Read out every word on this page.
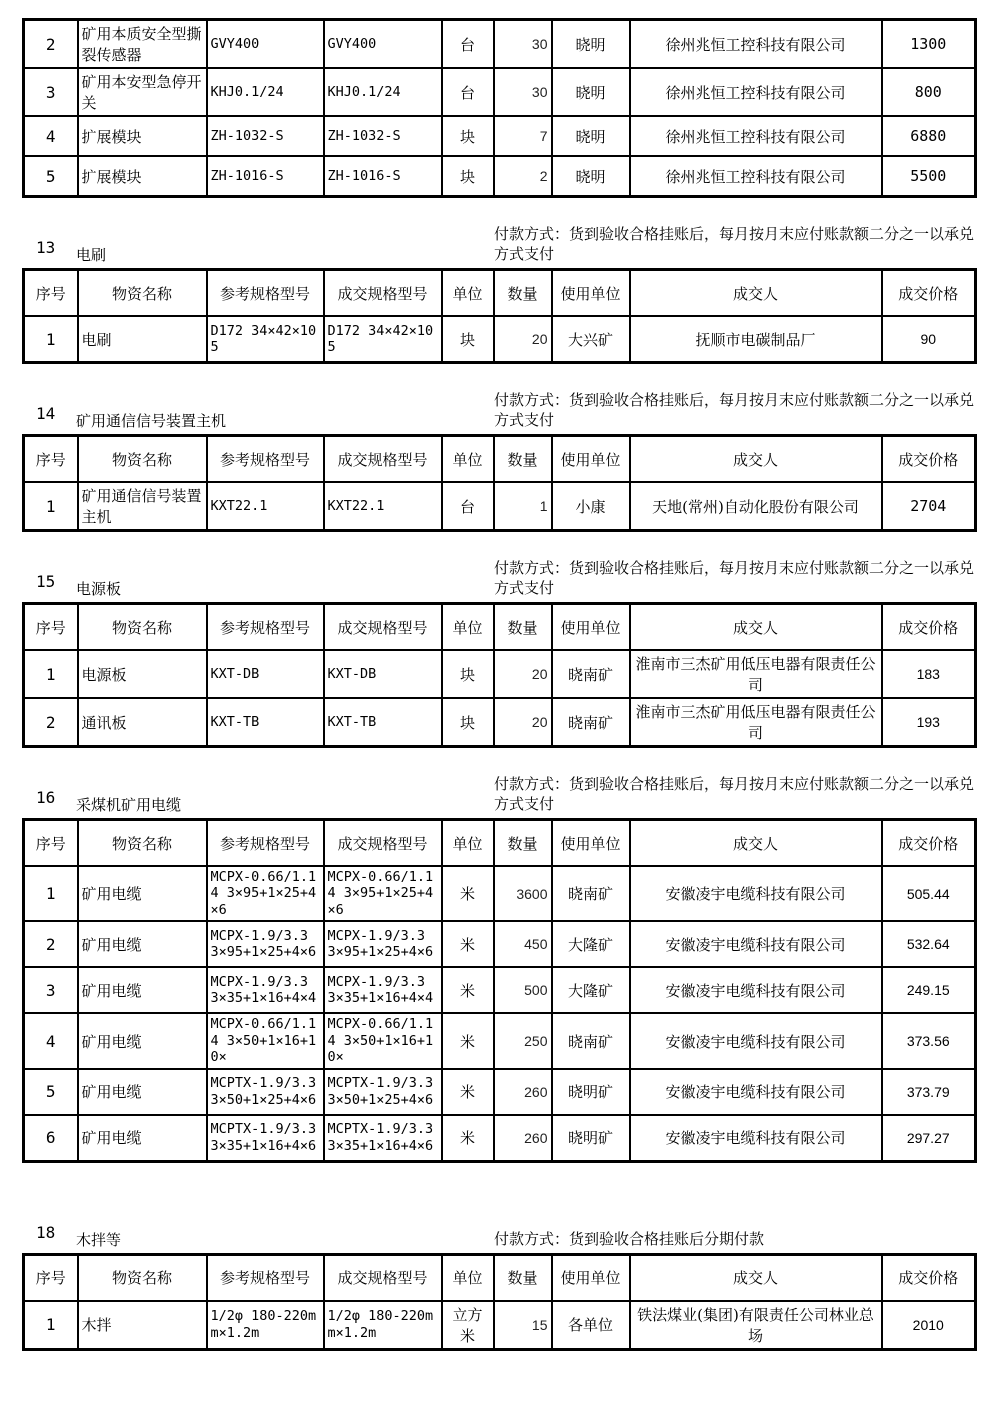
2	矿用本质安全型撕裂传感器	GVY400	GVY400	台	30	晓明	徐州兆恒工控科技有限公司	1300
3	矿用本安型急停开关	KHJ0.1/24	KHJ0.1/24	台	30	晓明	徐州兆恒工控科技有限公司	800
4	扩展模块	ZH-1032-S	ZH-1032-S	块	7	晓明	徐州兆恒工控科技有限公司	6880
5	扩展模块	ZH-1016-S	ZH-1016-S	块	2	晓明	徐州兆恒工控科技有限公司	5500
13	电刷
付款方式：货到验收合格挂账后，每月按月末应付账款额二分之一以承兑方式支付
序号	物资名称	参考规格型号	成交规格型号	单位	数量	使用单位	成交人	成交价格
1	电刷	D172 34×42×105	D172 34×42×105	块	20	大兴矿	抚顺市电碳制品厂	90
14	矿用通信信号装置主机
付款方式：货到验收合格挂账后，每月按月末应付账款额二分之一以承兑方式支付
序号	物资名称	参考规格型号	成交规格型号	单位	数量	使用单位	成交人	成交价格
1	矿用通信信号装置主机	KXT22.1	KXT22.1	台	1	小康	天地(常州)自动化股份有限公司	2704
15	电源板
付款方式：货到验收合格挂账后，每月按月末应付账款额二分之一以承兑方式支付
序号	物资名称	参考规格型号	成交规格型号	单位	数量	使用单位	成交人	成交价格
1	电源板	KXT-DB	KXT-DB	块	20	晓南矿	淮南市三杰矿用低压电器有限责任公司	183
2	通讯板	KXT-TB	KXT-TB	块	20	晓南矿	淮南市三杰矿用低压电器有限责任公司	193
16	采煤机矿用电缆
付款方式：货到验收合格挂账后，每月按月末应付账款额二分之一以承兑方式支付
序号	物资名称	参考规格型号	成交规格型号	单位	数量	使用单位	成交人	成交价格
1	矿用电缆	MCPX-0.66/1.14 3×95+1×25+4×6	MCPX-0.66/1.14 3×95+1×25+4×6	米	3600	晓南矿	安徽凌宇电缆科技有限公司	505.44
2	矿用电缆	MCPX-1.9/3.3 3×95+1×25+4×6	MCPX-1.9/3.3 3×95+1×25+4×6	米	450	大隆矿	安徽凌宇电缆科技有限公司	532.64
3	矿用电缆	MCPX-1.9/3.3 3×35+1×16+4×4	MCPX-1.9/3.3 3×35+1×16+4×4	米	500	大隆矿	安徽凌宇电缆科技有限公司	249.15
4	矿用电缆	MCPX-0.66/1.14 3×50+1×16+10×	MCPX-0.66/1.14 3×50+1×16+10×	米	250	晓南矿	安徽凌宇电缆科技有限公司	373.56
5	矿用电缆	MCPTX-1.9/3.3 3×50+1×25+4×6	MCPTX-1.9/3.3 3×50+1×25+4×6	米	260	晓明矿	安徽凌宇电缆科技有限公司	373.79
6	矿用电缆	MCPTX-1.9/3.3 3×35+1×16+4×6	MCPTX-1.9/3.3 3×35+1×16+4×6	米	260	晓明矿	安徽凌宇电缆科技有限公司	297.27
18	木拌等	付款方式：货到验收合格挂账后分期付款
序号	物资名称	参考规格型号	成交规格型号	单位	数量	使用单位	成交人	成交价格
1	木拌	1/2φ 180-220mm×1.2m	1/2φ 180-220mm×1.2m	立方米	15	各单位	铁法煤业(集团)有限责任公司林业总场	2010
